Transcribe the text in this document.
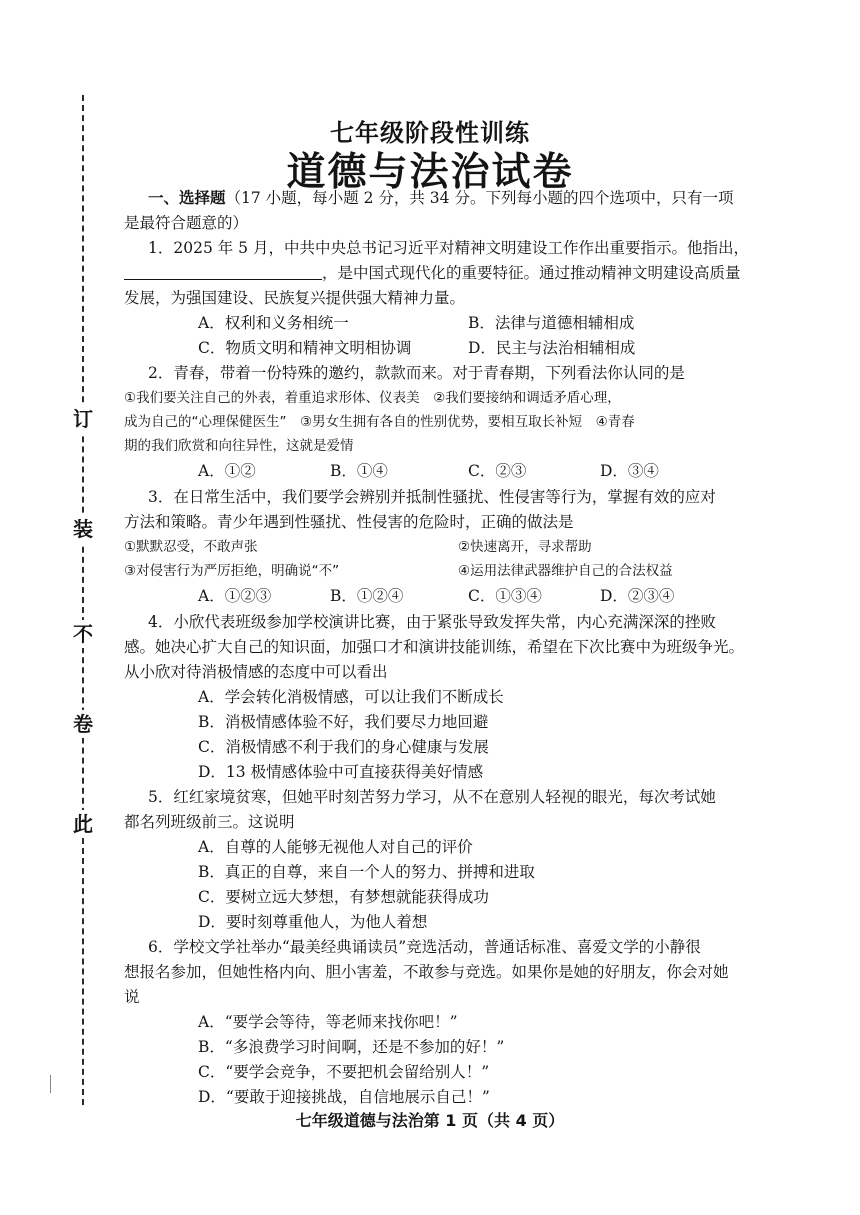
订
装
不
卷
此
七年级阶段性训练
道德与法治试卷
一、选择题（17 小题，每小题 2 分，共 34 分。下列每小题的四个选项中，只有一项
是最符合题意的）
1．2025 年 5 月，中共中央总书记习近平对精神文明建设工作作出重要指示。他指出，
，是中国式现代化的重要特征。通过推动精神文明建设高质量
发展，为强国建设、民族复兴提供强大精神力量。
A．权利和义务相统一	B．法律与道德相辅相成
C．物质文明和精神文明相协调	D．民主与法治相辅相成
2．青春，带着一份特殊的邀约，款款而来。对于青春期，下列看法你认同的是
①我们要关注自己的外表，着重追求形体、仪表美　②我们要接纳和调适矛盾心理，
成为自己的“心理保健医生”　③男女生拥有各自的性别优势，要相互取长补短　④青春
期的我们欣赏和向往异性，这就是爱情
A．①②	B．①④	C．②③	D．③④
3．在日常生活中，我们要学会辨别并抵制性骚扰、性侵害等行为，掌握有效的应对
方法和策略。青少年遇到性骚扰、性侵害的危险时，正确的做法是
①默默忍受，不敢声张	②快速离开，寻求帮助
③对侵害行为严厉拒绝，明确说“不”	④运用法律武器维护自己的合法权益
A．①②③	B．①②④	C．①③④	D．②③④
4．小欣代表班级参加学校演讲比赛，由于紧张导致发挥失常，内心充满深深的挫败
感。她决心扩大自己的知识面，加强口才和演讲技能训练，希望在下次比赛中为班级争光。
从小欣对待消极情感的态度中可以看出
A．学会转化消极情感，可以让我们不断成长
B．消极情感体验不好，我们要尽力地回避
C．消极情感不利于我们的身心健康与发展
D．13 极情感体验中可直接获得美好情感
5．红红家境贫寒，但她平时刻苦努力学习，从不在意别人轻视的眼光，每次考试她
都名列班级前三。这说明
A．自尊的人能够无视他人对自己的评价
B．真正的自尊，来自一个人的努力、拼搏和进取
C．要树立远大梦想，有梦想就能获得成功
D．要时刻尊重他人，为他人着想
6．学校文学社举办“最美经典诵读员”竞选活动，普通话标准、喜爱文学的小静很
想报名参加，但她性格内向、胆小害羞，不敢参与竞选。如果你是她的好朋友，你会对她
说
A．“要学会等待，等老师来找你吧！”
B．“多浪费学习时间啊，还是不参加的好！”
C．“要学会竞争，不要把机会留给别人！”
D．“要敢于迎接挑战，自信地展示自己！”
七年级道德与法治第 1 页（共 4 页）
